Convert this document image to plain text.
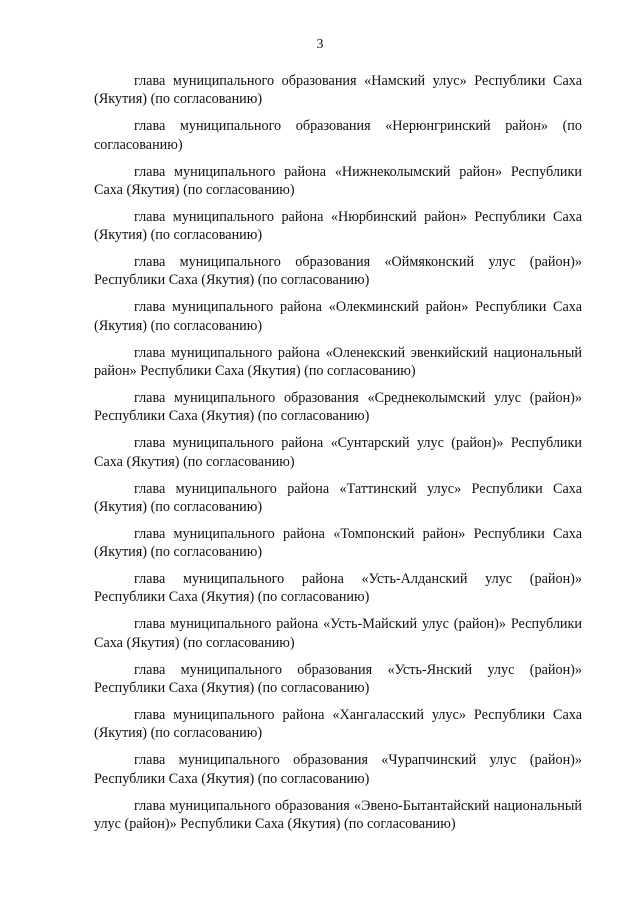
3

глава муниципального образования «Намский улус» Республики Саха (Якутия) (по согласованию)

глава муниципального образования «Нерюнгринский район» (по согласованию)

глава муниципального района «Нижнеколымский район» Республики Саха (Якутия) (по согласованию)

глава муниципального района «Нюрбинский район» Республики Саха (Якутия) (по согласованию)

глава муниципального образования «Оймяконский улус (район)» Республики Саха (Якутия) (по согласованию)

глава муниципального района «Олекминский район» Республики Саха (Якутия) (по согласованию)

глава муниципального района «Оленекский эвенкийский национальный район» Республики Саха (Якутия) (по согласованию)

глава муниципального образования «Среднеколымский улус (район)» Республики Саха (Якутия) (по согласованию)

глава муниципального района «Сунтарский улус (район)» Республики Саха (Якутия) (по согласованию)

глава муниципального района «Таттинский улус» Республики Саха (Якутия) (по согласованию)

глава муниципального района «Томпонский район» Республики Саха (Якутия) (по согласованию)

глава муниципального района «Усть-Алданский улус (район)» Республики Саха (Якутия) (по согласованию)

глава муниципального района «Усть-Майский улус (район)» Республики Саха (Якутия) (по согласованию)

глава муниципального образования «Усть-Янский улус (район)» Республики Саха (Якутия) (по согласованию)

глава муниципального района «Хангаласский улус» Республики Саха (Якутия) (по согласованию)

глава муниципального образования «Чурапчинский улус (район)» Республики Саха (Якутия) (по согласованию)

глава муниципального образования «Эвено-Бытантайский национальный улус (район)» Республики Саха (Якутия) (по согласованию)
